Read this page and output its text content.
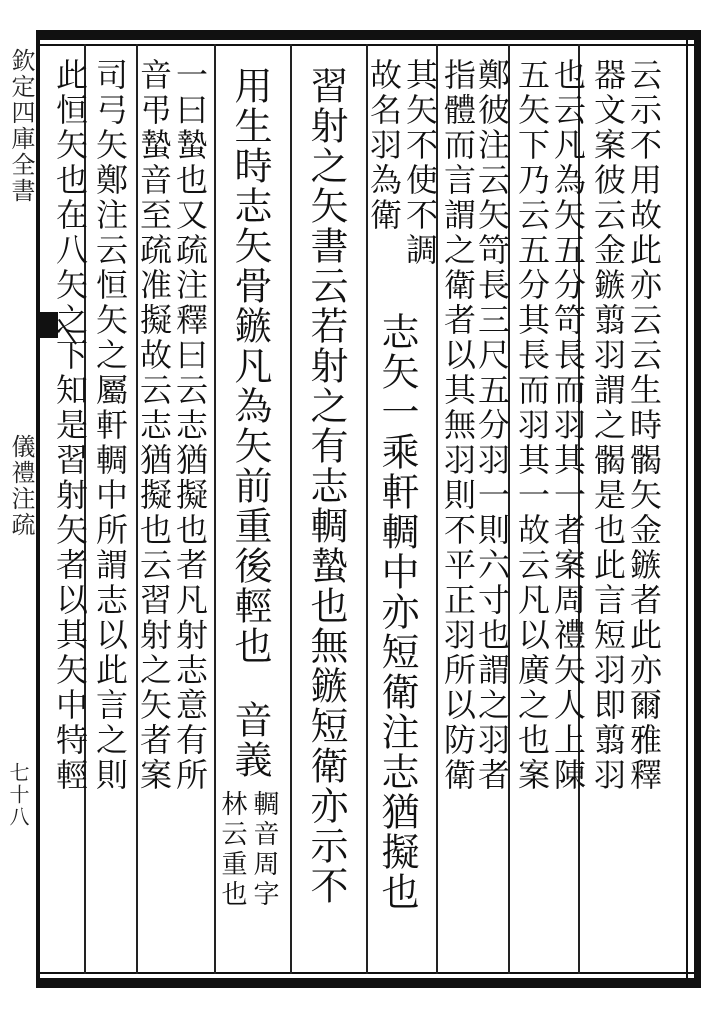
欽定四庫全書
儀禮注疏
七十八
云示不用故此亦云云生時𩩲矢金鏃者此亦爾雅釋
器文案彼云金鏃翦羽謂之𩩲是也此言短羽即翦羽
也云凡為矢五分笴長而羽其一者案周禮矢人上陳
五矢下乃云五分其長而羽其一故云凡以廣之也案
鄭彼注云矢笴長三尺五分羽一則六寸也謂之羽者
指體而言謂之衛者以其無羽則不平正羽所以防衛
其矢不使不調
志矢一乘軒輖中亦短衛注志猶擬也
故名羽為衛
習射之矢書云若射之有志輖蟄也無鏃短衛亦示不
用生時志矢骨鏃凡為矢前重後輕也
音義
輖音周字
林云重也
一曰蟄也又疏注釋曰云志猶擬也者凡射志意有所
音弔蟄音至疏准擬故云志猶擬也云習射之矢者案
司弓矢鄭注云恒矢之屬軒輖中所謂志以此言之則
此恒矢也在八矢之下知是習射矢者以其矢中特輕
